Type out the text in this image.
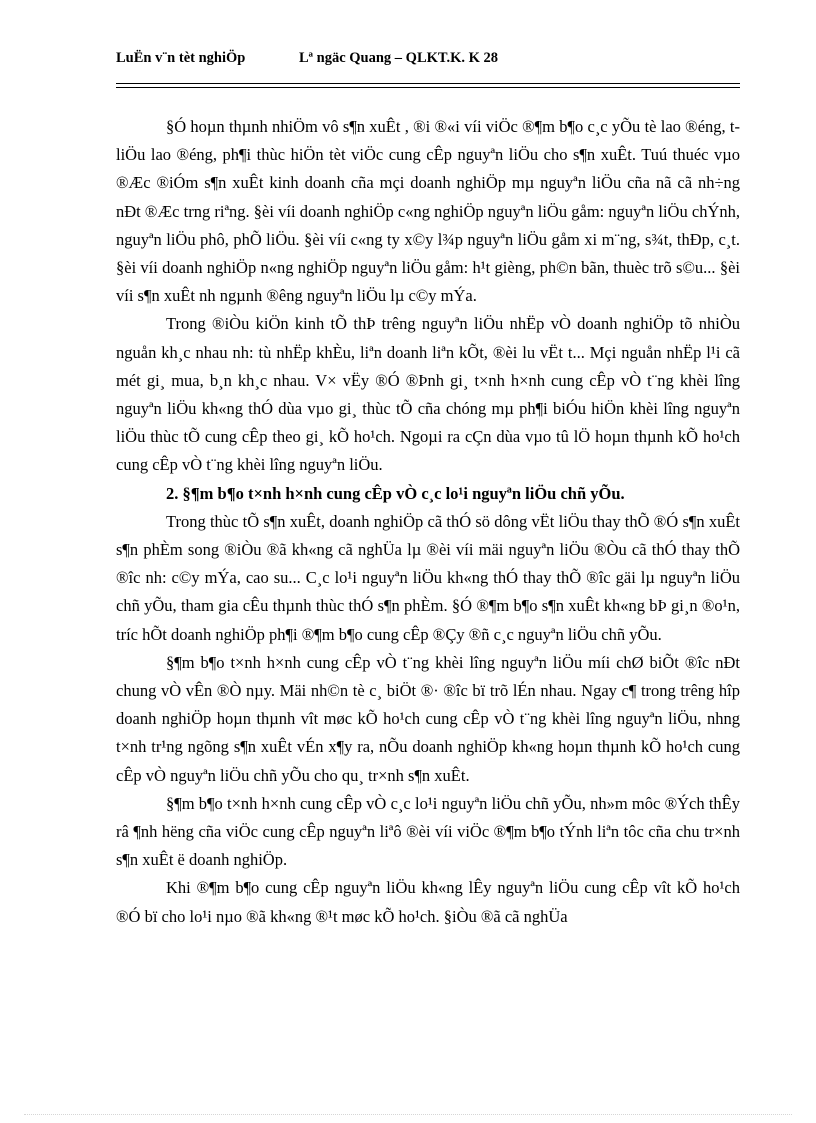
LuËn v¨n tèt nghiÖp	Lª ngäc Quang – QLKT.K. K 28

§Ó hoµn thµnh nhiÖm vô s¶n xuÊt , ®i ®«i víi viÖc ®¶m b¶o c¸c yÕu tè lao ®éng, t liÖu lao ®éng, ph¶i thùc hiÖn tèt viÖc cung cÊp nguyªn liÖu cho s¶n xuÊt. Tuú thuéc vµo ®Æc ®iÓm s¶n xuÊt kinh doanh cña mçi doanh nghiÖp mµ nguyªn liÖu cña nã cã nh÷ng nÐt ®Æc trng riªng. §èi víi doanh nghiÖp c«ng nghiÖp nguyªn liÖu gåm: nguyªn liÖu chÝnh, nguyªn liÖu phô, phÕ liÖu. §èi víi c«ng ty x©y l¾p nguyªn liÖu gåm xi m¨ng, s¾t, thÐp, c¸t. §èi víi doanh nghiÖp n«ng nghiÖp nguyªn liÖu gåm: h¹t gièng, ph©n bãn, thuèc trõ s©u... §èi víi s¶n xuÊt nh ngµnh ®êng nguyªn liÖu lµ c©y mÝa.

Trong ®iÒu kiÖn kinh tÕ thÞ trêng nguyªn liÖu nhËp vÒ doanh nghiÖp tõ nhiÒu nguån kh¸c nhau nh: tù nhËp khÈu, liªn doanh liªn kÕt, ®èi lu vËt t... Mçi nguån nhËp l¹i cã mét gi¸ mua, b¸n kh¸c nhau. V× vËy ®Ó ®Þnh gi¸ t×nh h×nh cung cÊp vÒ t¨ng khèi lîng nguyªn liÖu kh«ng thÓ dùa vµo gi¸ thùc tÕ cña chóng mµ ph¶i biÓu hiÖn khèi lîng nguyªn liÖu thùc tÕ cung cÊp theo gi¸ kÕ ho¹ch. Ngoµi ra cÇn dùa vµo tû lÖ hoµn thµnh kÕ ho¹ch cung cÊp vÒ t¨ng khèi lîng nguyªn liÖu.

2. §¶m b¶o t×nh h×nh cung cÊp vÒ c¸c lo¹i nguyªn liÖu chñ yÕu.

Trong thùc tÕ s¶n xuÊt, doanh nghiÖp cã thÓ sö dông vËt liÖu thay thÕ ®Ó s¶n xuÊt s¶n phÈm song ®iÒu ®ã kh«ng cã nghÜa lµ ®èi víi mäi nguyªn liÖu ®Òu cã thÓ thay thÕ ®îc nh: c©y mÝa, cao su... C¸c lo¹i nguyªn liÖu kh«ng thÓ thay thÕ ®îc gäi lµ nguyªn liÖu chñ yÕu, tham gia cÊu thµnh thùc thÓ s¶n phÈm. §Ó ®¶m b¶o s¶n xuÊt kh«ng bÞ gi¸n ®o¹n, tríc hÕt doanh nghiÖp ph¶i ®¶m b¶o cung cÊp ®Çy ®ñ c¸c nguyªn liÖu chñ yÕu.

§¶m b¶o t×nh h×nh cung cÊp vÒ t¨ng khèi lîng nguyªn liÖu míi chØ biÕt ®îc nÐt chung vÒ vÊn ®Ò nµy. Mäi nh©n tè c¸ biÖt ®· ®îc bï trõ lÉn nhau. Ngay c¶ trong trêng hîp doanh nghiÖp hoµn thµnh vît møc kÕ ho¹ch cung cÊp vÒ t¨ng khèi lîng nguyªn liÖu, nhng t×nh tr¹ng ngõng s¶n xuÊt vÉn x¶y ra, nÕu doanh nghiÖp kh«ng hoµn thµnh kÕ ho¹ch cung cÊp vÒ nguyªn liÖu chñ yÕu cho qu¸ tr×nh s¶n xuÊt.

§¶m b¶o t×nh h×nh cung cÊp vÒ c¸c lo¹i nguyªn liÖu chñ yÕu, nh»m môc ®Ých thÊy râ ¶nh hëng cña viÖc cung cÊp nguyªn liªô ®èi víi viÖc ®¶m b¶o tÝnh liªn tôc cña chu tr×nh s¶n xuÊt ë doanh nghiÖp.

Khi ®¶m b¶o cung cÊp nguyªn liÖu kh«ng lÊy nguyªn liÖu cung cÊp vît kÕ ho¹ch ®Ó bï cho lo¹i nµo ®ã kh«ng ®¹t møc kÕ ho¹ch. §iÒu ®ã cã nghÜa
